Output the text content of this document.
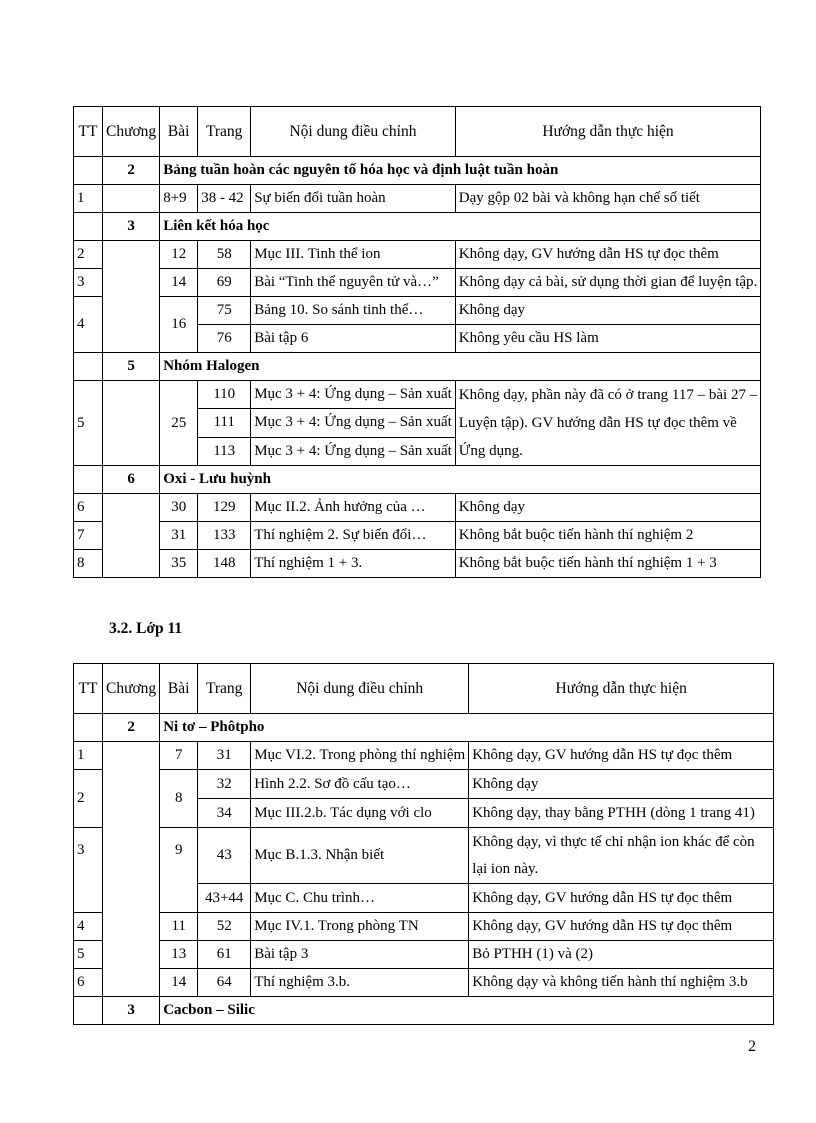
TT	Chương	Bài	Trang	Nội dung điều chỉnh	Hướng dẫn thực hiện
	2	Bảng tuần hoàn các nguyên tố hóa học và định luật tuần hoàn			
1		8+9	38 - 42	Sự biến đổi tuần hoàn	Dạy gộp 02 bài và không hạn chế số tiết
	3	Liên kết hóa học			
2		12	58	Mục III. Tinh thể ion	Không dạy, GV hướng dẫn HS tự đọc thêm
3		14	69	Bài “Tinh thể nguyên tử và…”	Không dạy cả bài, sử dụng thời gian để luyện tập.
4		16	75	Bảng 10. So sánh tinh thể…	Không dạy
			76	Bài tập 6	Không yêu cầu HS làm
	5	Nhóm Halogen			
5		25	110	Mục 3 + 4: Ứng dụng – Sản xuất	Không dạy, phần này đã có ở trang 117 – bài 27 – Luyện tập). GV hướng dẫn HS tự đọc thêm về Ứng dụng.
			111	Mục 3 + 4: Ứng dụng – Sản xuất	
			113	Mục 3 + 4: Ứng dụng – Sản xuất	
	6	Oxi - Lưu huỳnh			
6		30	129	Mục II.2. Ảnh hưởng của …	Không dạy
7		31	133	Thí nghiệm 2. Sự biến đổi…	Không bắt buộc tiến hành thí nghiệm 2
8		35	148	Thí nghiệm 1 + 3.	Không bắt buộc tiến hành thí nghiệm 1 + 3
3.2. Lớp 11
TT	Chương	Bài	Trang	Nội dung điều chỉnh	Hướng dẫn thực hiện
	2	Ni tơ – Phôtpho			
1		7	31	Mục VI.2. Trong phòng thí nghiệm	Không dạy, GV hướng dẫn HS tự đọc thêm
2		8	32	Hình 2.2. Sơ đồ cấu tạo…	Không dạy
			34	Mục III.2.b. Tác dụng với clo	Không dạy, thay bằng PTHH (dòng 1 trang 41)
3		9	43	Mục B.1.3. Nhận biết	Không dạy, vì thực tế chỉ nhận ion khác để còn lại ion này.
			43+44	Mục C. Chu trình…	Không dạy, GV hướng dẫn HS tự đọc thêm
4		11	52	Mục IV.1. Trong phòng TN	Không dạy, GV hướng dẫn HS tự đọc thêm
5		13	61	Bài tập 3	Bỏ PTHH (1) và (2)
6		14	64	Thí nghiệm 3.b.	Không dạy và không tiến hành thí nghiệm 3.b
	3	Cacbon – Silic			
2
